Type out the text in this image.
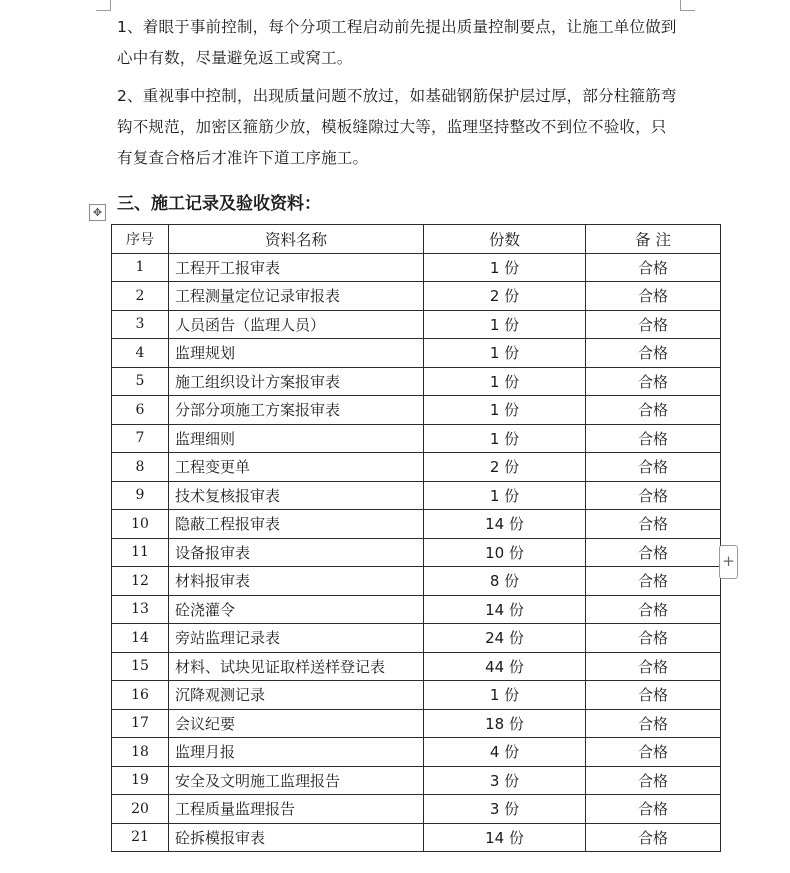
1、着眼于事前控制，每个分项工程启动前先提出质量控制要点，让施工单位做到心中有数，尽量避免返工或窝工。

2、重视事中控制，出现质量问题不放过，如基础钢筋保护层过厚，部分柱箍筋弯钩不规范，加密区箍筋少放，模板缝隙过大等，监理坚持整改不到位不验收，只有复查合格后才准许下道工序施工。

三、施工记录及验收资料：
✥
序号	资料名称	份数	备 注
1	工程开工报审表	1 份	合格
2	工程测量定位记录审报表	2 份	合格
3	人员函告（监理人员）	1 份	合格
4	监理规划	1 份	合格
5	施工组织设计方案报审表	1 份	合格
6	分部分项施工方案报审表	1 份	合格
7	监理细则	1 份	合格
8	工程变更单	2 份	合格
9	技术复核报审表	1 份	合格
10	隐蔽工程报审表	14 份	合格
11	设备报审表	10 份	合格
12	材料报审表	8 份	合格
13	砼浇灌令	14 份	合格
14	旁站监理记录表	24 份	合格
15	材料、试块见证取样送样登记表	44 份	合格
16	沉降观测记录	1 份	合格
17	会议纪要	18 份	合格
18	监理月报	4 份	合格
19	安全及文明施工监理报告	3 份	合格
20	工程质量监理报告	3 份	合格
21	砼拆模报审表	14 份	合格
+
